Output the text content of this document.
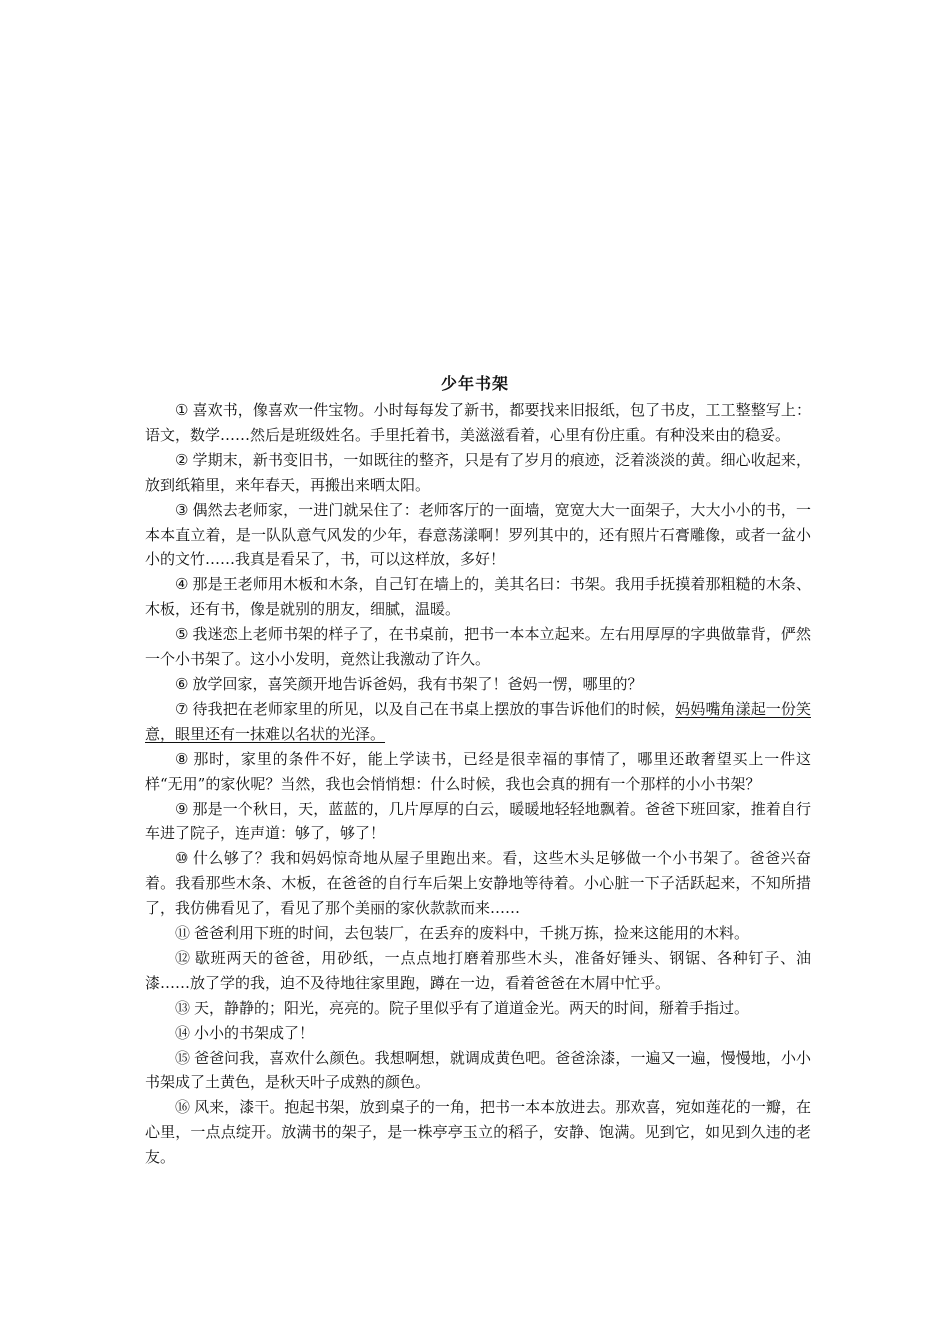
少年书架

① 喜欢书，像喜欢一件宝物。小时每每发了新书，都要找来旧报纸，包了书皮，工工整整写上：语文，数学……然后是班级姓名。手里托着书，美滋滋看着，心里有份庄重。有种没来由的稳妥。

② 学期末，新书变旧书，一如既往的整齐，只是有了岁月的痕迹，泛着淡淡的黄。细心收起来，放到纸箱里，来年春天，再搬出来晒太阳。

③ 偶然去老师家，一进门就呆住了：老师客厅的一面墙，宽宽大大一面架子，大大小小的书，一本本直立着，是一队队意气风发的少年，春意荡漾啊！罗列其中的，还有照片石膏雕像，或者一盆小小的文竹……我真是看呆了，书，可以这样放，多好！

④ 那是王老师用木板和木条，自己钉在墙上的，美其名曰：书架。我用手抚摸着那粗糙的木条、木板，还有书，像是就别的朋友，细腻，温暖。

⑤ 我迷恋上老师书架的样子了，在书桌前，把书一本本立起来。左右用厚厚的字典做靠背，俨然一个小书架了。这小小发明，竟然让我激动了许久。

⑥ 放学回家，喜笑颜开地告诉爸妈，我有书架了！爸妈一愣，哪里的？

⑦ 待我把在老师家里的所见，以及自己在书桌上摆放的事告诉他们的时候，妈妈嘴角漾起一份笑意，眼里还有一抹难以名状的光泽。

⑧ 那时，家里的条件不好，能上学读书，已经是很幸福的事情了，哪里还敢奢望买上一件这样“无用”的家伙呢？当然，我也会悄悄想：什么时候，我也会真的拥有一个那样的小小书架？

⑨ 那是一个秋日，天，蓝蓝的，几片厚厚的白云，暖暖地轻轻地飘着。爸爸下班回家，推着自行车进了院子，连声道：够了，够了！

⑩ 什么够了？我和妈妈惊奇地从屋子里跑出来。看，这些木头足够做一个小书架了。爸爸兴奋着。我看那些木条、木板，在爸爸的自行车后架上安静地等待着。小心脏一下子活跃起来，不知所措了，我仿佛看见了，看见了那个美丽的家伙款款而来……

⑪ 爸爸利用下班的时间，去包装厂，在丢弃的废料中，千挑万拣，捡来这能用的木料。

⑫ 歇班两天的爸爸，用砂纸，一点点地打磨着那些木头，准备好锤头、钢锯、各种钉子、油漆……放了学的我，迫不及待地往家里跑，蹲在一边，看着爸爸在木屑中忙乎。

⑬ 天，静静的；阳光，亮亮的。院子里似乎有了道道金光。两天的时间，掰着手指过。

⑭ 小小的书架成了！

⑮ 爸爸问我，喜欢什么颜色。我想啊想，就调成黄色吧。爸爸涂漆，一遍又一遍，慢慢地，小小书架成了土黄色，是秋天叶子成熟的颜色。

⑯ 风来，漆干。抱起书架，放到桌子的一角，把书一本本放进去。那欢喜，宛如莲花的一瓣，在心里，一点点绽开。放满书的架子，是一株亭亭玉立的稻子，安静、饱满。见到它，如见到久违的老友。
